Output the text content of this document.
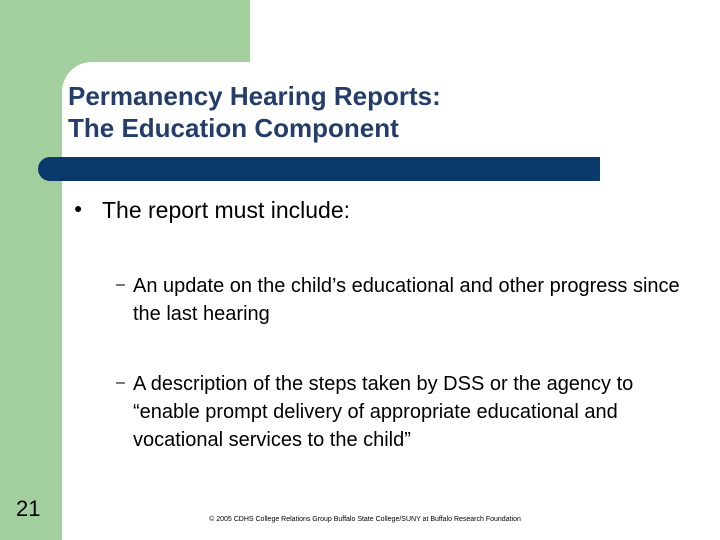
Permanency Hearing Reports:
The Education Component
● The report must include:
– An update on the child’s educational and other progress since the last hearing
– A description of the steps taken by DSS or the agency to “enable prompt delivery of appropriate educational and vocational services to the child”
21	© 2005 CDHS College Relations Group Buffalo State College/SUNY at Buffalo Research Foundation
